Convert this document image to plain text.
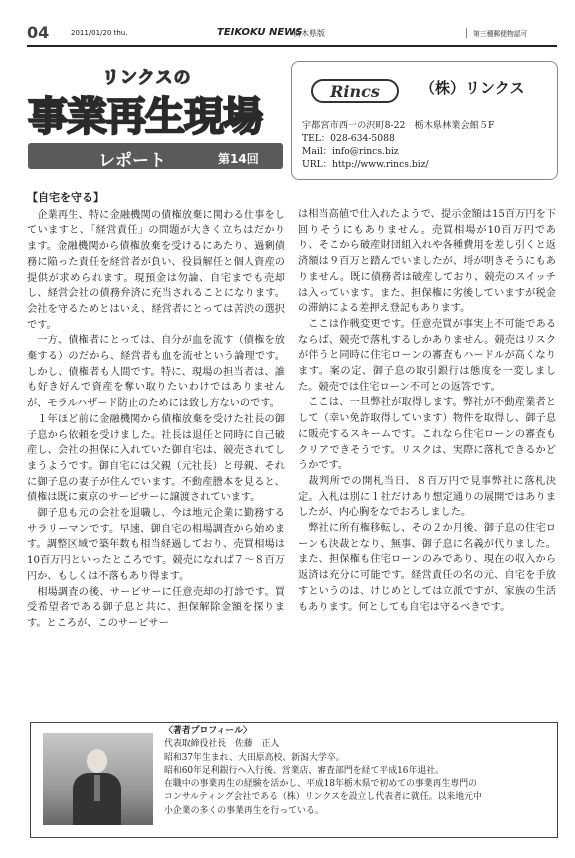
04	2011/01/20 thu.	TEIKOKU NEWS
栃木県版	第三種郵便物認可
リンクスの
事業再生現場
レポート	第14回
Rincs	（株）リンクス
宇都宮市西一の沢町8-22　栃木県林業会館５F
TEL：028-634-5088
Mail：info@rincs.biz
URL：http://www.rincs.biz/
【自宅を守る】

企業再生、特に金融機関の債権放棄に関わる仕事をしていますと、「経営責任」の問題が大きく立ちはだかります。金融機関から債権放棄を受けるにあたり、過剰債務に陥った責任を経営者が負い、役員解任と個人資産の提供が求められます。現預金は勿論、自宅までも売却し、経営会社の債務弁済に充当されることになります。会社を守るためとはいえ、経営者にとっては苦渋の選択です。

一方、債権者にとっては、自分が血を流す（債権を放棄する）のだから、経営者も血を流せという論理です。しかし、債権者も人間です。特に、現場の担当者は、誰も好き好んで資産を奪い取りたいわけではありませんが、モラルハザード防止のためには致し方ないのです。

１年ほど前に金融機関から債権放棄を受けた社長の御子息から依頼を受けました。社長は退任と同時に自己破産し、会社の担保に入れていた御自宅は、競売されてしまうようです。御自宅には父親（元社長）と母親、それに御子息の妻子が住んでいます。不動産謄本を見ると、債権は既に東京のサービサーに譲渡されています。

御子息も元の会社を退職し、今は地元企業に勤務するサラリーマンです。早速、御自宅の相場調査から始めます。調整区域で築年数も相当経過しており、売買相場は10百万円といったところです。競売になれば７～８百万円か、もしくは不落もあり得ます。

相場調査の後、サービサーに任意売却の打診です。買受希望者である御子息と共に、担保解除金額を探ります。ところが、このサービサー

は相当高値で仕入れたようで、提示金額は15百万円を下回りそうにもありません。売買相場が10百万円であり、そこから破産財団組入れや各種費用を差し引くと返済額は９百万と踏んでいましたが、埒が明きそうにもありません。既に債務者は破産しており、競売のスイッチは入っています。また、担保権に劣後していますが税金の滞納による差押え登記もあります。

ここは作戦変更です。任意売買が事実上不可能であるならば、競売で落札するしかありません。競売はリスクが伴うと同時に住宅ローンの審査もハードルが高くなります。案の定、御子息の取引銀行は態度を一変しました。競売では住宅ローン不可との返答です。

ここは、一旦弊社が取得します。弊社が不動産業者として（幸い免許取得しています）物件を取得し、御子息に販売するスキームです。これなら住宅ローンの審査もクリアできそうです。リスクは、実際に落札できるかどうかです。

裁判所での開札当日、８百万円で見事弊社に落札決定。入札は別に１社だけあり想定通りの展開ではありましたが、内心胸をなでおろしました。

弊社に所有権移転し、その２か月後、御子息の住宅ローンも決裁となり、無事、御子息に名義が代りました。また、担保権も住宅ローンのみであり、現在の収入から返済は充分に可能です。経営責任の名の元、自宅を手放すというのは、けじめとしては立派ですが、家族の生活もあります。何としても自宅は守るべきです。

〈著者プロフィール〉
代表取締役社長　佐藤　正人
昭和37年生まれ、大田原高校、新潟大学卒。
昭和60年足利銀行へ入行後、営業店、審査部門を経て平成16年退社。
在職中の事業再生の経験を活かし、平成18年栃木県で初めての事業再生専門の
コンサルティング会社である（株）リンクスを設立し代表者に就任。以来地元中
小企業の多くの事業再生を行っている。
